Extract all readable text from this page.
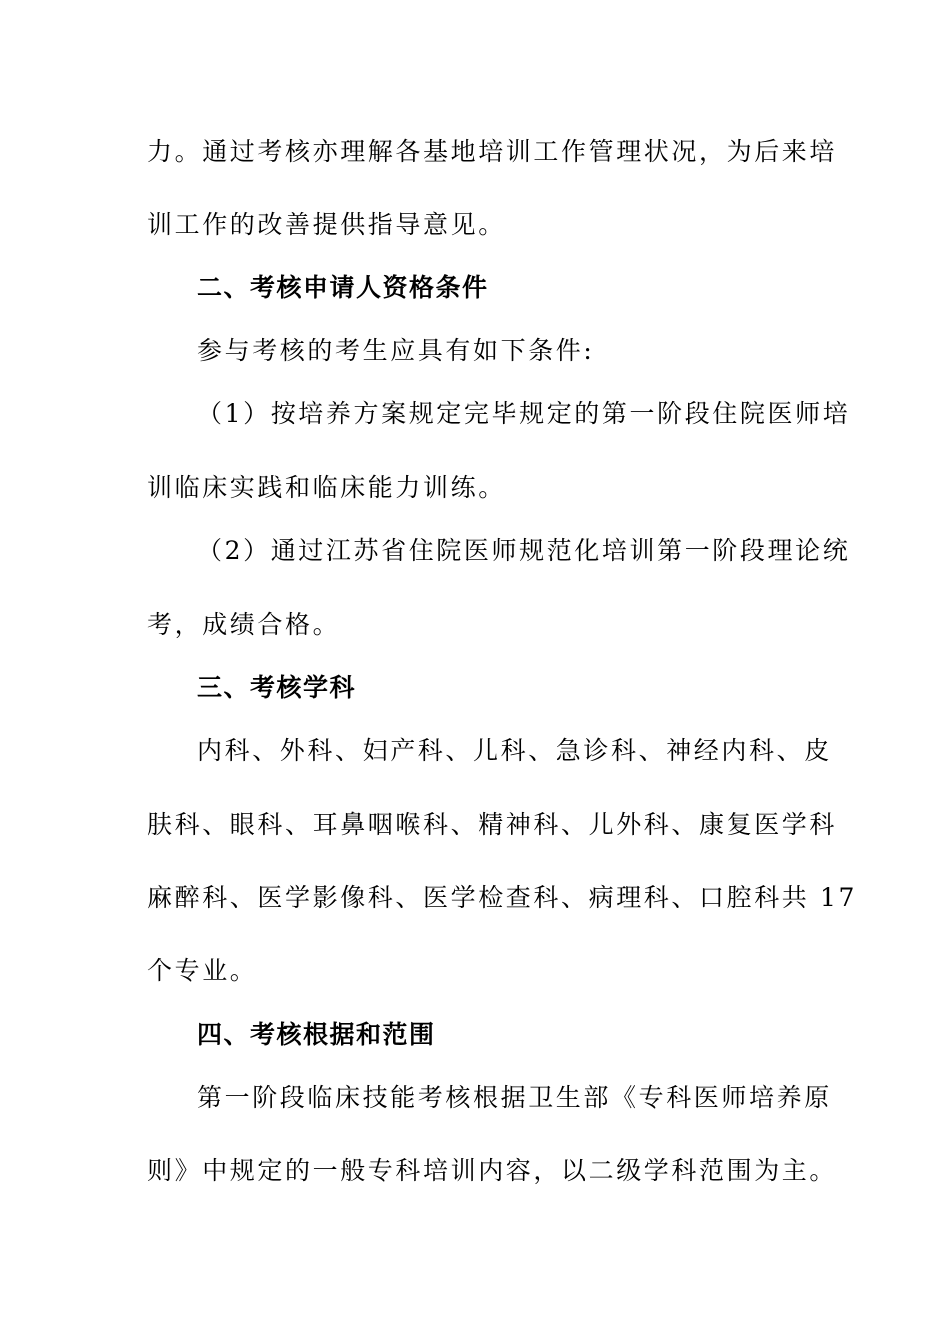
力。通过考核亦理解各基地培训工作管理状况，为后来培
训工作的改善提供指导意见。
二、考核申请人资格条件
参与考核的考生应具有如下条件:
（1）按培养方案规定完毕规定的第一阶段住院医师培
训临床实践和临床能力训练。
（2）通过江苏省住院医师规范化培训第一阶段理论统
考，成绩合格。
三、考核学科
内科、外科、妇产科、儿科、急诊科、神经内科、皮
肤科、眼科、耳鼻咽喉科、精神科、儿外科、康复医学科
麻醉科、医学影像科、医学检查科、病理科、口腔科共 17
个专业。
四、考核根据和范围
第一阶段临床技能考核根据卫生部《专科医师培养原
则》中规定的一般专科培训内容，以二级学科范围为主。
